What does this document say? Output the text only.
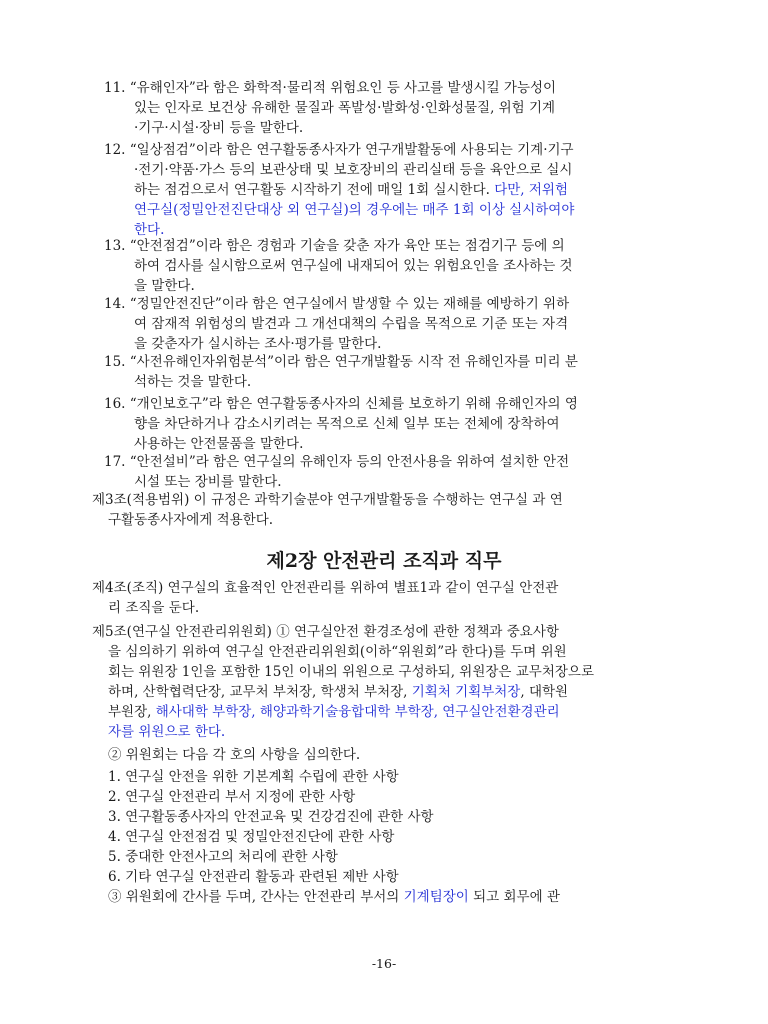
11. “유해인자”라 함은 화학적·물리적 위험요인 등 사고를 발생시킬 가능성이
있는 인자로 보건상 유해한 물질과 폭발성·발화성·인화성물질, 위험 기계
·기구·시설·장비 등을 말한다.
12. “일상점검”이라 함은 연구활동종사자가 연구개발활동에 사용되는 기계·기구
·전기·약품·가스 등의 보관상태 및 보호장비의 관리실태 등을 육안으로 실시
하는 점검으로서 연구활동 시작하기 전에 매일 1회 실시한다. 다만, 저위험
연구실(정밀안전진단대상 외 연구실)의 경우에는 매주 1회 이상 실시하여야
한다.
13. “안전점검”이라 함은 경험과 기술을 갖춘 자가 육안 또는 점검기구 등에 의
하여 검사를 실시함으로써 연구실에 내재되어 있는 위험요인을 조사하는 것
을 말한다.
14. “정밀안전진단”이라 함은 연구실에서 발생할 수 있는 재해를 예방하기 위하
여 잠재적 위험성의 발견과 그 개선대책의 수립을 목적으로 기준 또는 자격
을 갖춘자가 실시하는 조사·평가를 말한다.
15. “사전유해인자위험분석”이라 함은 연구개발활동 시작 전 유해인자를 미리 분
석하는 것을 말한다.
16. “개인보호구”라 함은 연구활동종사자의 신체를 보호하기 위해 유해인자의 영
향을 차단하거나 감소시키려는 목적으로 신체 일부 또는 전체에 장착하여
사용하는 안전물품을 말한다.
17. “안전설비”라 함은 연구실의 유해인자 등의 안전사용을 위하여 설치한 안전
시설 또는 장비를 말한다.
제3조(적용범위) 이 규정은 과학기술분야 연구개발활동을 수행하는 연구실 과 연
구활동종사자에게 적용한다.
제4조(조직) 연구실의 효율적인 안전관리를 위하여 별표1과 같이 연구실 안전관
리 조직을 둔다.
제5조(연구실 안전관리위원회) ① 연구실안전 환경조성에 관한 정책과 중요사항
을 심의하기 위하여 연구실 안전관리위원회(이하“위원회”라 한다)를 두며 위원
회는 위원장 1인을 포함한 15인 이내의 위원으로 구성하되, 위원장은 교무처장으로
하며, 산학협력단장, 교무처 부처장, 학생처 부처장, 기획처 기획부처장, 대학원
부원장, 해사대학 부학장, 해양과학기술융합대학 부학장, 연구실안전환경관리
자를 위원으로 한다.
② 위원회는 다음 각 호의 사항을 심의한다.
1. 연구실 안전을 위한 기본계획 수립에 관한 사항
2. 연구실 안전관리 부서 지정에 관한 사항
3. 연구활동종사자의 안전교육 및 건강검진에 관한 사항
4. 연구실 안전점검 및 정밀안전진단에 관한 사항
5. 중대한 안전사고의 처리에 관한 사항
6. 기타 연구실 안전관리 활동과 관련된 제반 사항
③ 위원회에 간사를 두며, 간사는 안전관리 부서의 기계팀장이 되고 회무에 관
제2장 안전관리 조직과 직무
-16-
